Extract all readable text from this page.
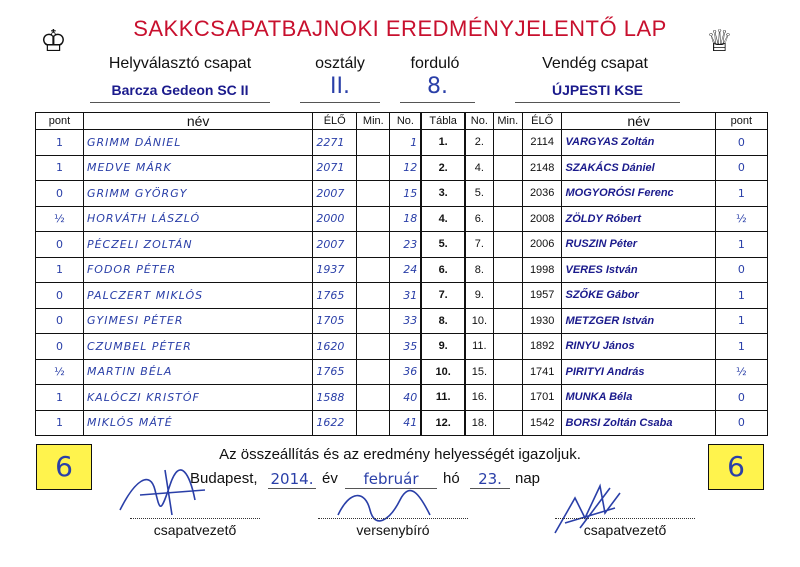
SAKKCSAPATBAJNOKI EREDMÉNYJELENTŐ LAP
♔	♕
Helyválasztó csapat	osztály	forduló	Vendég csapat
Barcza Gedeon SC II	II.	8.	ÚJPESTI KSE
pont	név	ÉLŐ	Min.	No.	Tábla	No.	Min.	ÉLŐ	név	pont
1	GRIMM DÁNIEL	2271		1	1.	2.		2114	VARGYAS Zoltán	0
1	MEDVE MÁRK	2071		12	2.	4.		2148	SZAKÁCS Dániel	0
0	GRIMM GYÖRGY	2007		15	3.	5.		2036	MOGYORÓSI Ferenc	1
½	HORVÁTH LÁSZLÓ	2000		18	4.	6.		2008	ZÖLDY Róbert	½
0	PÉCZELI ZOLTÁN	2007		23	5.	7.		2006	RUSZIN Péter	1
1	FODOR PÉTER	1937		24	6.	8.		1998	VERES István	0
0	PALCZERT MIKLÓS	1765		31	7.	9.		1957	SZŐKE Gábor	1
0	GYIMESI PÉTER	1705		33	8.	10.		1930	METZGER István	1
0	CZUMBEL PÉTER	1620		35	9.	11.		1892	RINYU János	1
½	MARTIN BÉLA	1765		36	10.	15.		1741	PIRITYI András	½
1	KALÓCZI KRISTÓF	1588		40	11.	16.		1701	MUNKA Béla	0
1	MIKLÓS MÁTÉ	1622		41	12.	18.		1542	BORSI Zoltán Csaba	0
Az összeállítás és az eredmény helyességét igazoljuk.
6	6
Budapest, 2014. év	február	hó	23. nap
csapatvezető	versenybíró	csapatvezető
